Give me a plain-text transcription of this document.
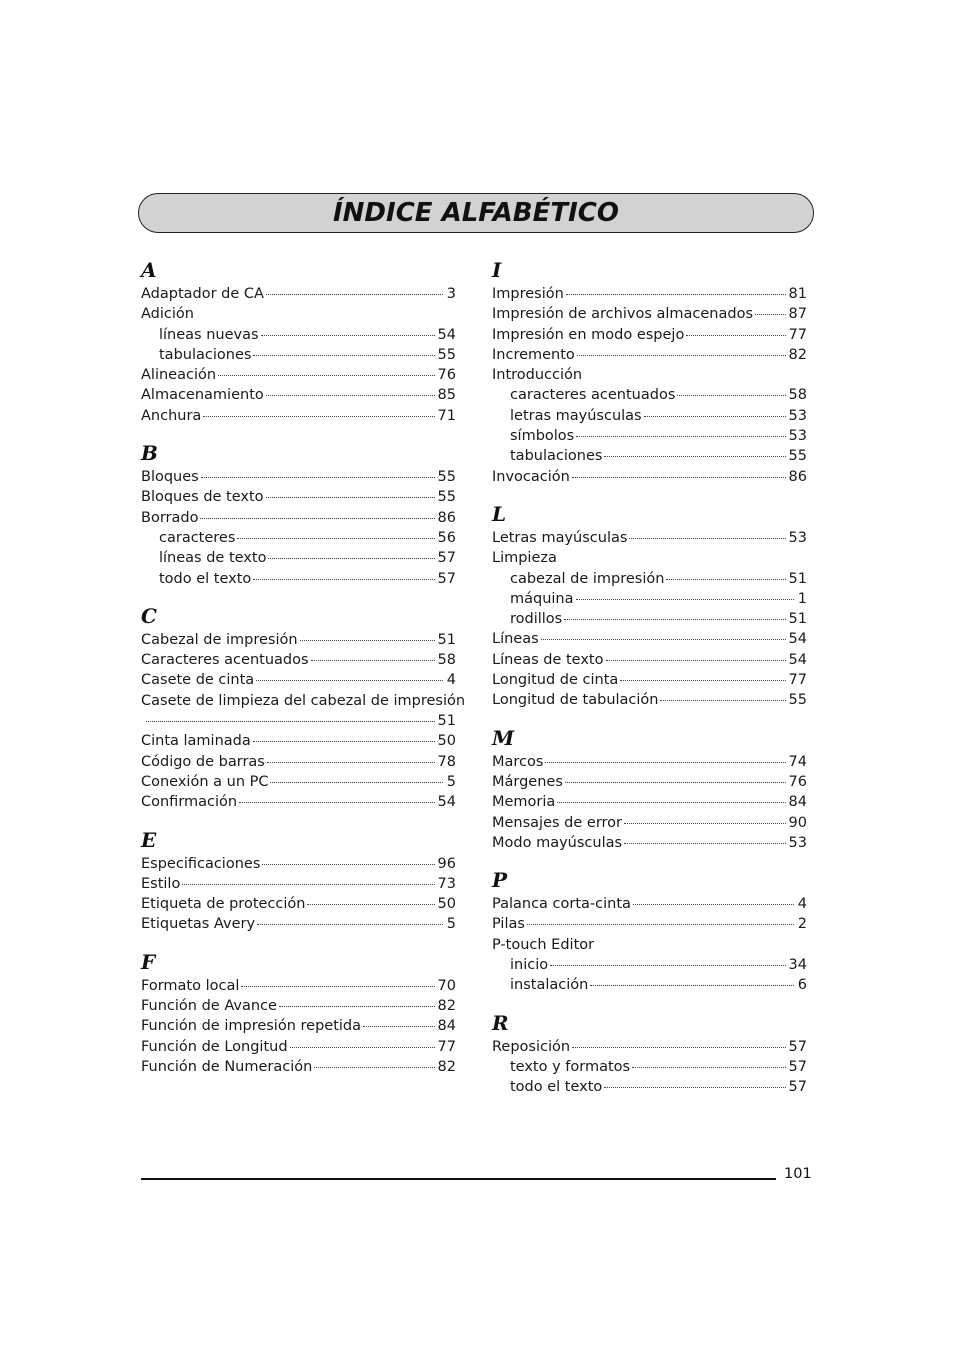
ÍNDICE ALFABÉTICO
A
Adaptador de CA	3
Adición
líneas nuevas	54
tabulaciones	55
Alineación	76
Almacenamiento	85
Anchura	71
B
Bloques	55
Bloques de texto	55
Borrado	86
caracteres	56
líneas de texto	57
todo el texto	57
C
Cabezal de impresión	51
Caracteres acentuados	58
Casete de cinta	4
Casete de limpieza del cabezal de impresión
51
Cinta laminada	50
Código de barras	78
Conexión a un PC	5
Confirmación	54
E
Especificaciones	96
Estilo	73
Etiqueta de protección	50
Etiquetas Avery	5
F
Formato local	70
Función de Avance	82
Función de impresión repetida	84
Función de Longitud	77
Función de Numeración	82
I
Impresión	81
Impresión de archivos almacenados 87
Impresión en modo espejo	77
Incremento	82
Introducción
caracteres acentuados	58
letras mayúsculas	53
símbolos	53
tabulaciones	55
Invocación	86
L
Letras mayúsculas	53
Limpieza
cabezal de impresión	51
máquina	1
rodillos	51
Líneas	54
Líneas de texto	54
Longitud de cinta	77
Longitud de tabulación	55
M
Marcos	74
Márgenes	76
Memoria	84
Mensajes de error	90
Modo mayúsculas	53
P
Palanca corta-cinta	4
Pilas	2
P-touch Editor
inicio	34
instalación	6
R
Reposición	57
texto y formatos	57
todo el texto	57
101
